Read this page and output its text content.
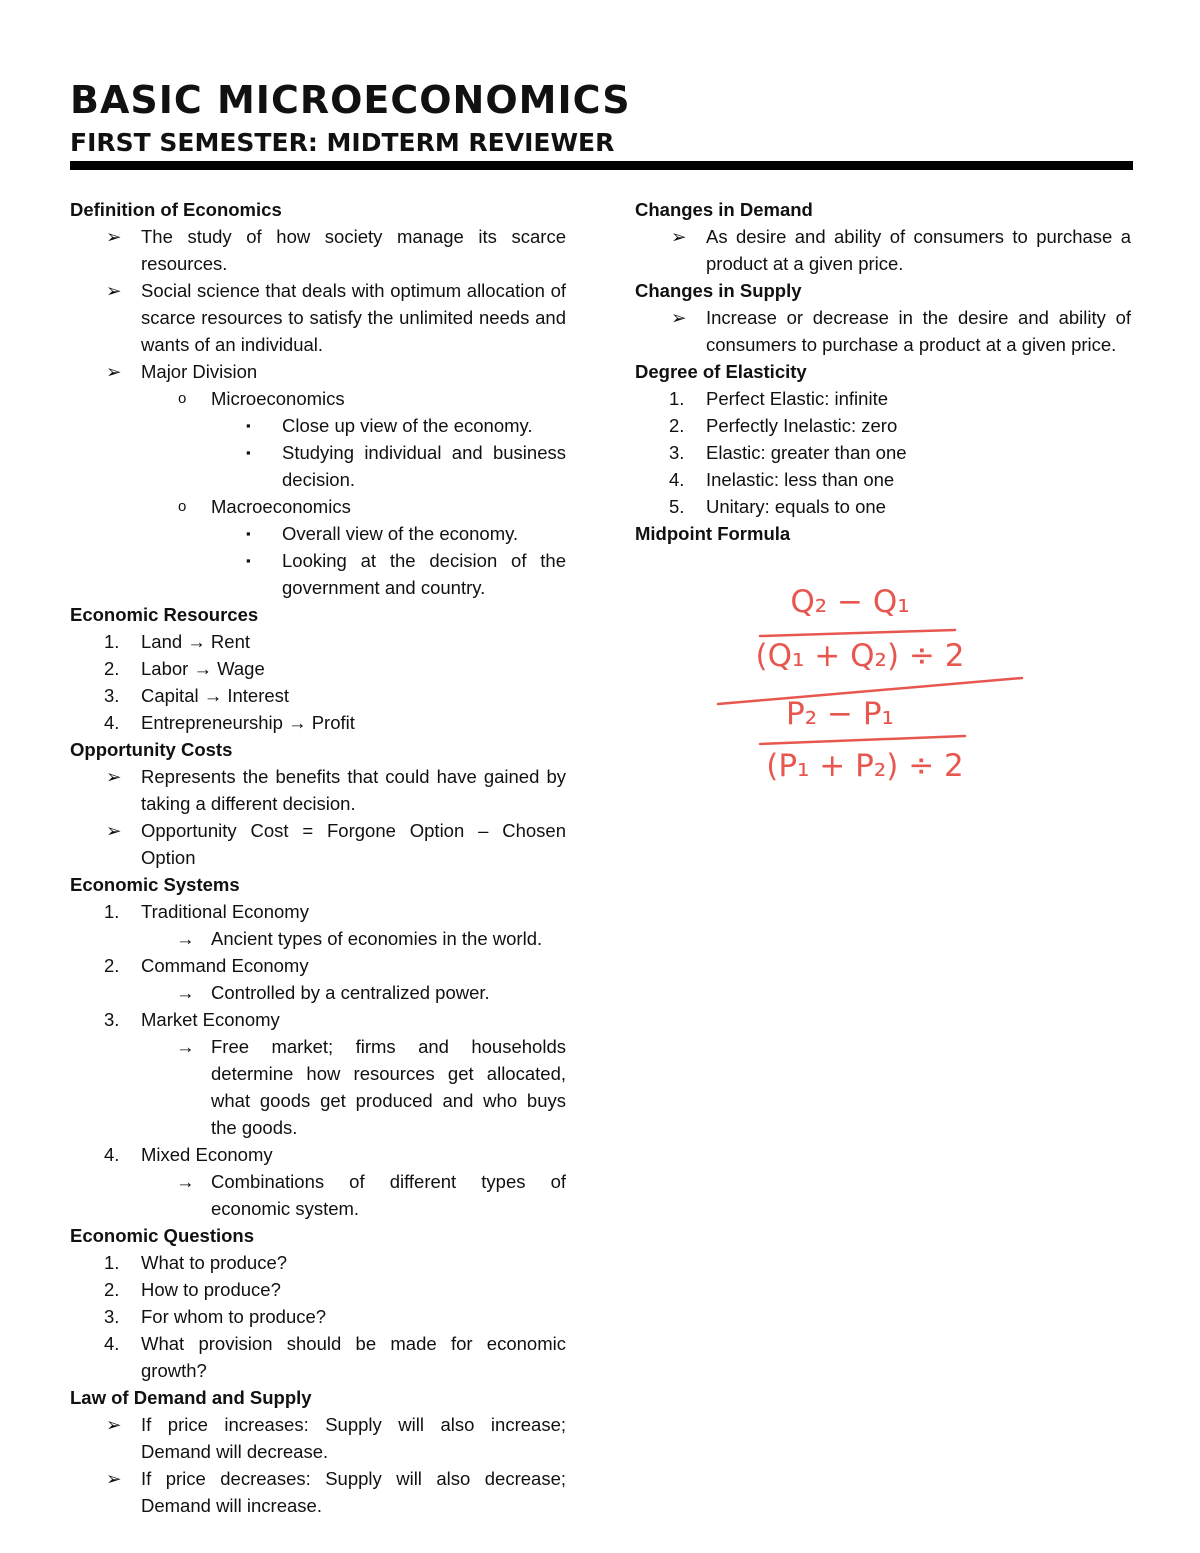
BASIC MICROECONOMICS
FIRST SEMESTER: MIDTERM REVIEWER
Definition of Economics
➢ The study of how society manage its scarce resources.
➢ Social science that deals with optimum allocation of scarce resources to satisfy the unlimited needs and wants of an individual.
➢ Major Division
o Microeconomics
▪ Close up view of the economy.
▪ Studying individual and business decision.
o Macroeconomics
▪ Overall view of the economy.
▪ Looking at the decision of the government and country.
Economic Resources
1. Land → Rent
2. Labor → Wage
3. Capital → Interest
4. Entrepreneurship → Profit
Opportunity Costs
➢ Represents the benefits that could have gained by taking a different decision.
➢ Opportunity Cost = Forgone Option – Chosen Option
Economic Systems
1. Traditional Economy
→ Ancient types of economies in the world.
2. Command Economy
→ Controlled by a centralized power.
3. Market Economy
→ Free market; firms and households determine how resources get allocated, what goods get produced and who buys the goods.
4. Mixed Economy
→ Combinations of different types of economic system.
Economic Questions
1. What to produce?
2. How to produce?
3. For whom to produce?
4. What provision should be made for economic growth?
Law of Demand and Supply
➢ If price increases: Supply will also increase; Demand will decrease.
➢ If price decreases: Supply will also decrease; Demand will increase.
Changes in Demand
➢ As desire and ability of consumers to purchase a product at a given price.
Changes in Supply
➢ Increase or decrease in the desire and ability of consumers to purchase a product at a given price.
Degree of Elasticity
1. Perfect Elastic: infinite
2. Perfectly Inelastic: zero
3. Elastic: greater than one
4. Inelastic: less than one
5. Unitary: equals to one
Midpoint Formula
Q₂ − Q₁
(Q₁ + Q₂) ÷ 2
P₂ − P₁
(P₁ + P₂) ÷ 2
